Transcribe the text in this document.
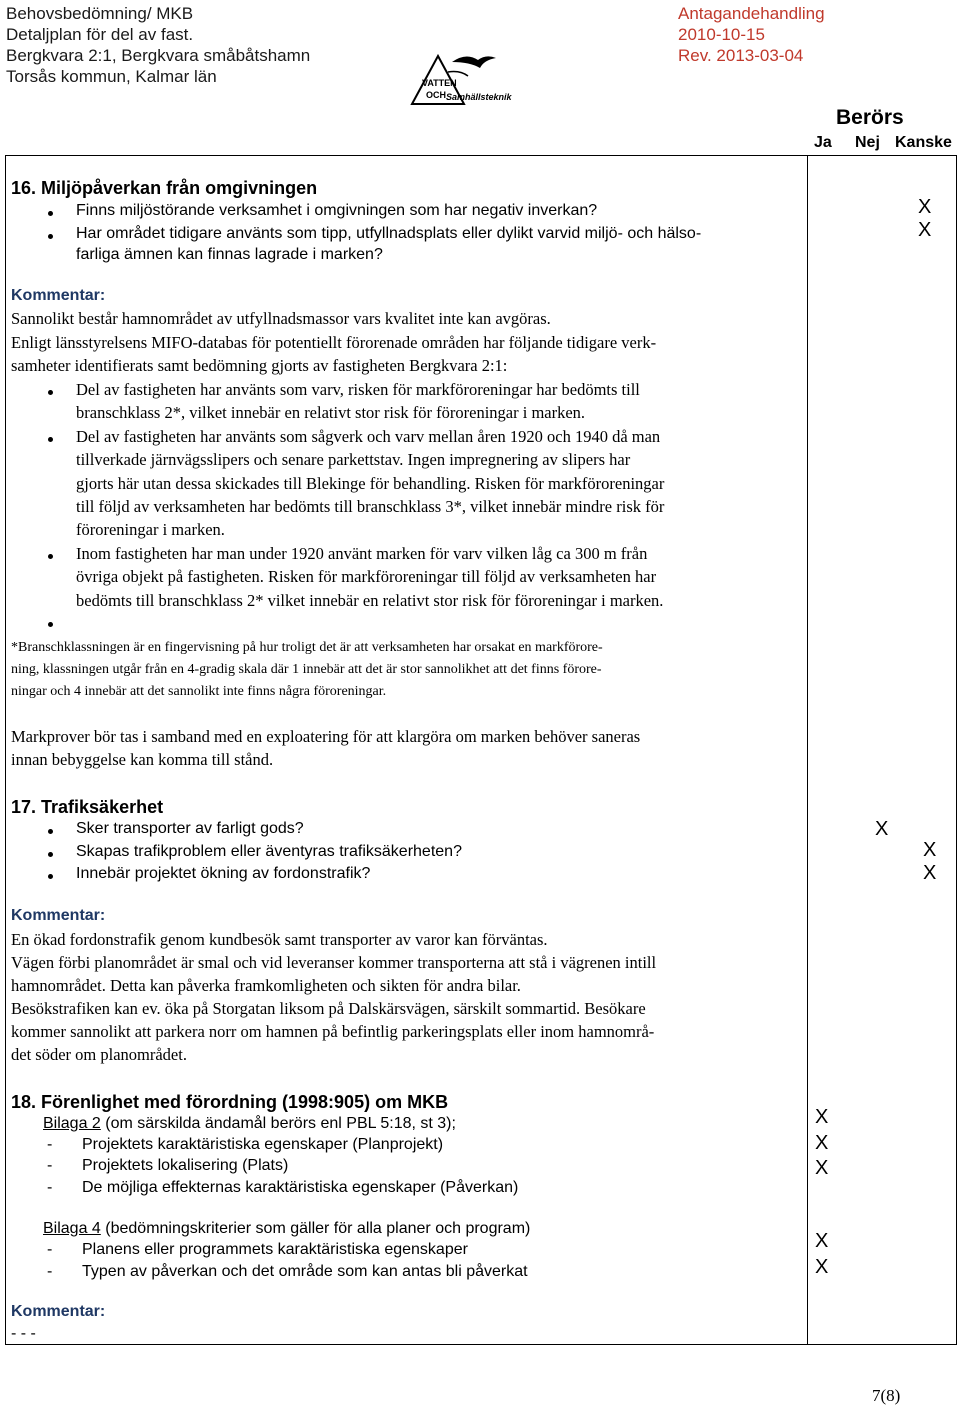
Behovsbedömning/ MKB
Detaljplan för del av fast.
Bergkvara 2:1, Bergkvara småbåtshamn
Torsås kommun, Kalmar län
Antagandehandling
2010-10-15
Rev. 2013-03-04
VATTEN
OCH Samhällsteknik
Berörs
Ja Nej Kanske
16. Miljöpåverkan från omgivningen
Finns miljöstörande verksamhet i omgivningen som har negativ inverkan?
Har området tidigare använts som tipp, utfyllnadsplats eller dylikt varvid miljö- och hälso-
farliga ämnen kan finnas lagrade i marken?
X
X
Kommentar:
Sannolikt består hamnområdet av utfyllnadsmassor vars kvalitet inte kan avgöras.
Enligt länsstyrelsens MIFO-databas för potentiellt förorenade områden har följande tidigare verk-
samheter identifierats samt bedömning gjorts av fastigheten Bergkvara 2:1:
Del av fastigheten har använts som varv, risken för markföroreningar har bedömts till
branschklass 2*, vilket innebär en relativt stor risk för föroreningar i marken.
Del av fastigheten har använts som sågverk och varv mellan åren 1920 och 1940 då man
tillverkade järnvägsslipers och senare parkettstav. Ingen impregnering av slipers har
gjorts här utan dessa skickades till Blekinge för behandling. Risken för markföroreningar
till följd av verksamheten har bedömts till branschklass 3*, vilket innebär mindre risk för
föroreningar i marken.
Inom fastigheten har man under 1920 använt marken för varv vilken låg ca 300 m från
övriga objekt på fastigheten. Risken för markföroreningar till följd av verksamheten har
bedömts till branschklass 2* vilket innebär en relativt stor risk för föroreningar i marken.
*Branschklassningen är en fingervisning på hur troligt det är att verksamheten har orsakat en markförore-
ning, klassningen utgår från en 4-gradig skala där 1 innebär att det är stor sannolikhet att det finns förore-
ningar och 4 innebär att det sannolikt inte finns några föroreningar.
Markprover bör tas i samband med en exploatering för att klargöra om marken behöver saneras
innan bebyggelse kan komma till stånd.
17. Trafiksäkerhet
Sker transporter av farligt gods?
Skapas trafikproblem eller äventyras trafiksäkerheten?
Innebär projektet ökning av fordonstrafik?
X
X
X
Kommentar:
En ökad fordonstrafik genom kundbesök samt transporter av varor kan förväntas.
Vägen förbi planområdet är smal och vid leveranser kommer transporterna att stå i vägrenen intill
hamnområdet. Detta kan påverka framkomligheten och sikten för andra bilar.
Besökstrafiken kan ev. öka på Storgatan liksom på Dalskärsvägen, särskilt sommartid. Besökare
kommer sannolikt att parkera norr om hamnen på befintlig parkeringsplats eller inom hamnområ-
det söder om planområdet.
18. Förenlighet med förordning (1998:905) om MKB
Bilaga 2 (om särskilda ändamål berörs enl PBL 5:18, st 3);
- Projektets karaktäristiska egenskaper (Planprojekt)
- Projektets lokalisering (Plats)
- De möjliga effekternas karaktäristiska egenskaper (Påverkan)
Bilaga 4 (bedömningskriterier som gäller för alla planer och program)
- Planens eller programmets karaktäristiska egenskaper
- Typen av påverkan och det område som kan antas bli påverkat
X
X
X
X
X
Kommentar:
- - -
7(8)
